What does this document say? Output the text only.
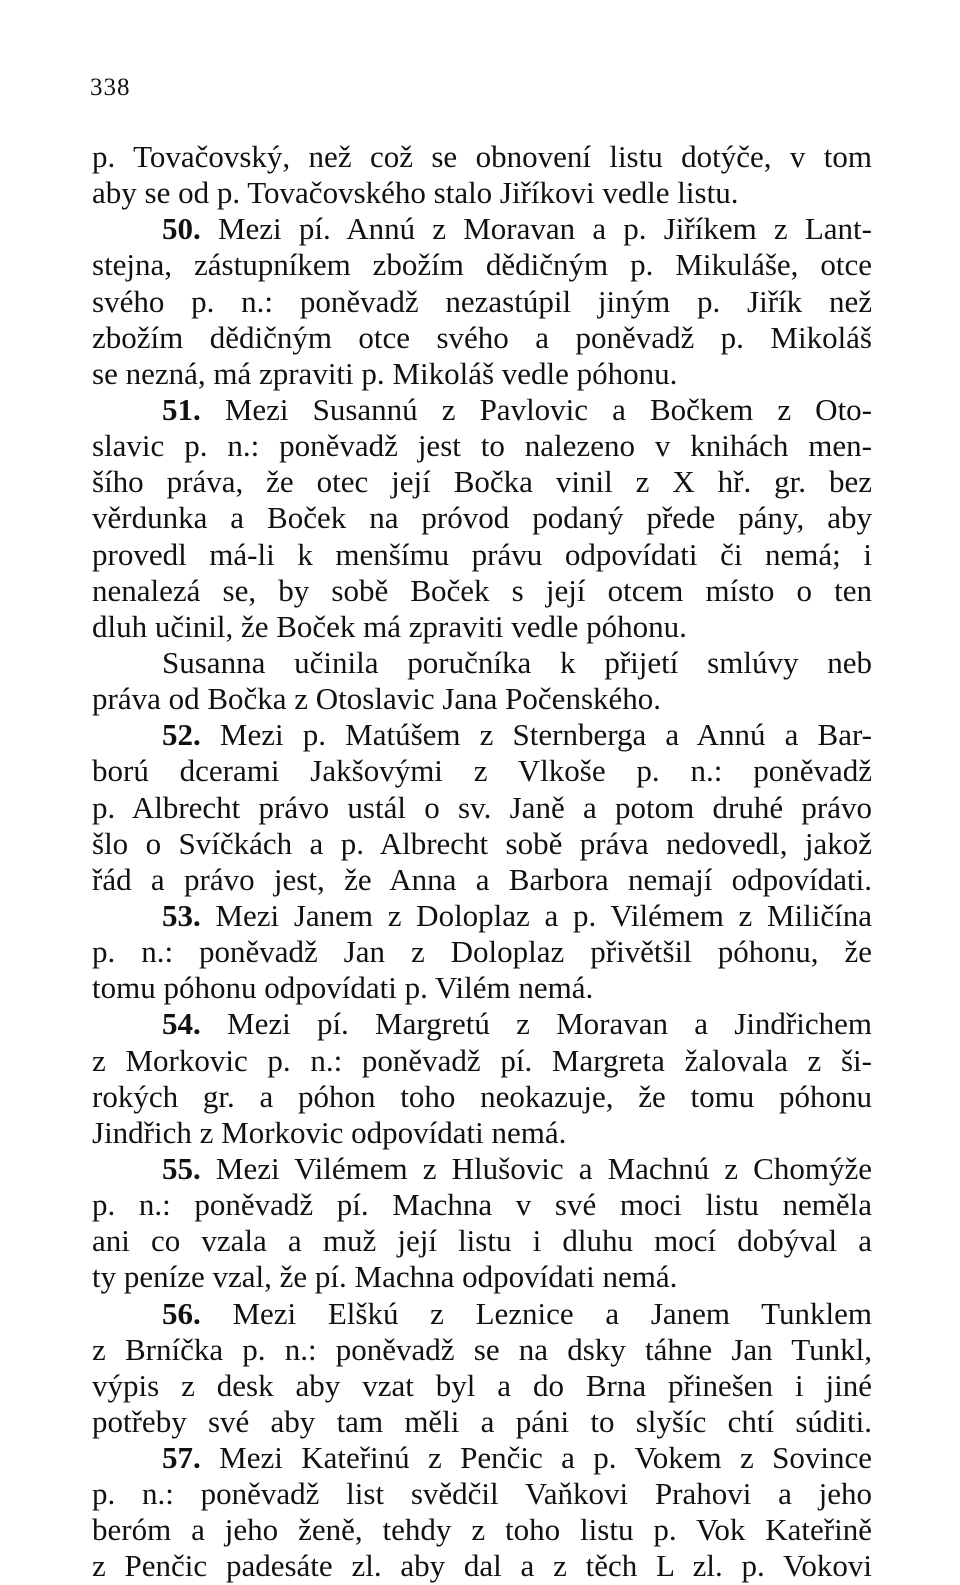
338
p. Tovačovský, než což se obnovení listu dotýče, v tom
aby se od p. Tovačovského stalo Jiříkovi vedle listu.
50. Mezi pí. Annú z Moravan a p. Jiříkem z Lant-
stejna, zástupníkem zbožím dědičným p. Mikuláše, otce
svého p. n.: poněvadž nezastúpil jiným p. Jiřík než
zbožím dědičným otce svého a poněvadž p. Mikoláš
se nezná, má zpraviti p. Mikoláš vedle póhonu.
51. Mezi Susannú z Pavlovic a Bočkem z Oto-
slavic p. n.: poněvadž jest to nalezeno v knihách men-
šího práva, že otec její Bočka vinil z X hř. gr. bez
věrdunka a Boček na próvod podaný přede pány, aby
provedl má-li k menšímu právu odpovídati či nemá; i
nenalezá se, by sobě Boček s její otcem místo o ten
dluh učinil, že Boček má zpraviti vedle póhonu.
Susanna učinila poručníka k přijetí smlúvy neb
práva od Bočka z Otoslavic Jana Počenského.
52. Mezi p. Matúšem z Sternberga a Annú a Bar-
ború dcerami Jakšovými z Vlkoše p. n.: poněvadž
p. Albrecht právo ustál o sv. Janě a potom druhé právo
šlo o Svíčkách a p. Albrecht sobě práva nedovedl, jakož
řád a právo jest, že Anna a Barbora nemají odpovídati.
53. Mezi Janem z Doloplaz a p. Vilémem z Miličína
p. n.: poněvadž Jan z Doloplaz přivětšil póhonu, že
tomu póhonu odpovídati p. Vilém nemá.
54. Mezi pí. Margretú z Moravan a Jindřichem
z Morkovic p. n.: poněvadž pí. Margreta žalovala z ši-
rokých gr. a póhon toho neokazuje, že tomu póhonu
Jindřich z Morkovic odpovídati nemá.
55. Mezi Vilémem z Hlušovic a Machnú z Chomýže
p. n.: poněvadž pí. Machna v své moci listu neměla
ani co vzala a muž její listu i dluhu mocí dobýval a
ty peníze vzal, že pí. Machna odpovídati nemá.
56. Mezi Elškú z Leznice a Janem Tunklem
z Brníčka p. n.: poněvadž se na dsky táhne Jan Tunkl,
výpis z desk aby vzat byl a do Brna přinešen i jiné
potřeby své aby tam měli a páni to slyšíc chtí súditi.
57. Mezi Kateřinú z Penčic a p. Vokem z Sovince
p. n.: poněvadž list svědčil Vaňkovi Prahovi a jeho
beróm a jeho ženě, tehdy z toho listu p. Vok Kateřině
z Penčic padesáte zl. aby dal a z těch L zl. p. Vokovi
